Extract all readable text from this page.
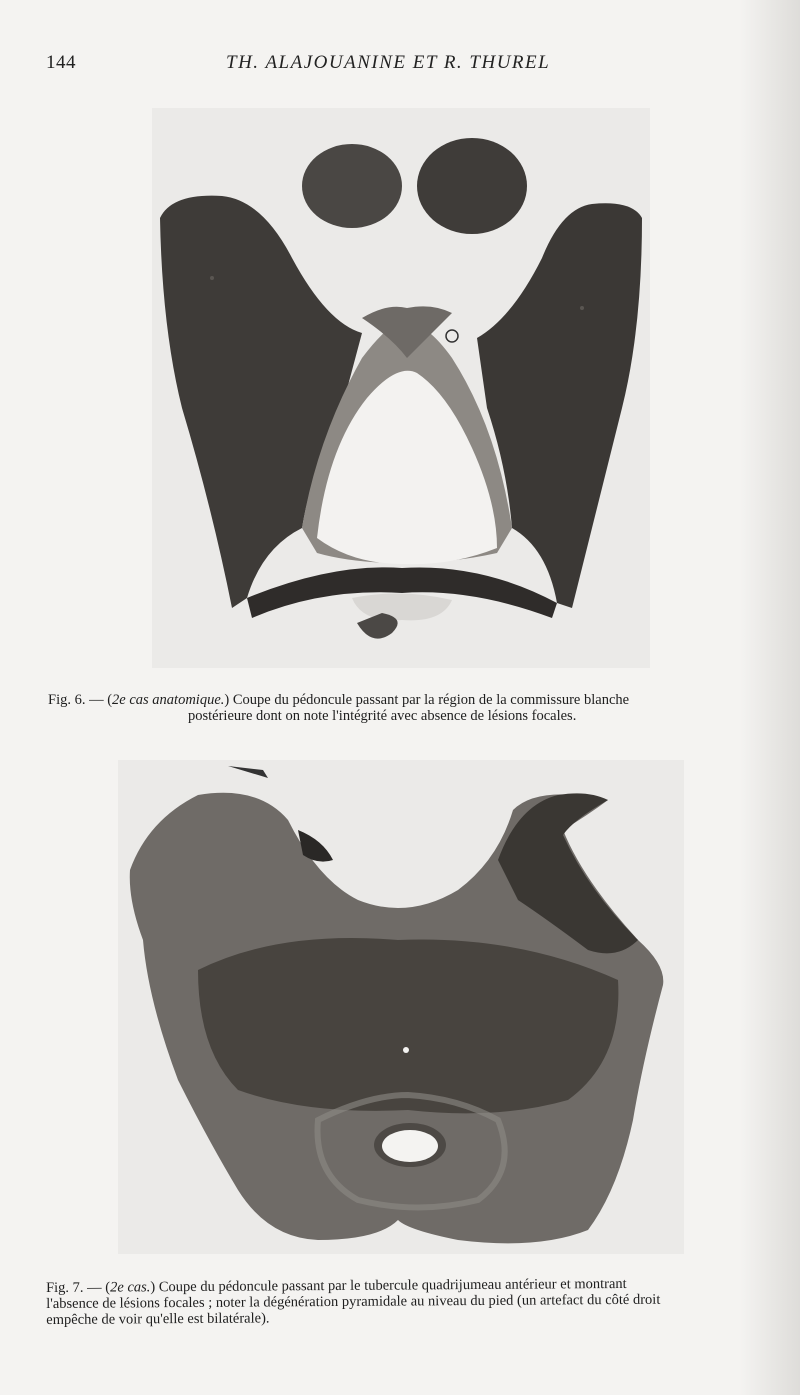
144	TH. ALAJOUANINE ET R. THUREL
Fig. 6. — (2e cas anatomique.) Coupe du pédoncule passant par la région de la commissure blanche
postérieure dont on note l'intégrité avec absence de lésions focales.
Fig. 7. — (2e cas.) Coupe du pédoncule passant par le tubercule quadrijumeau antérieur et montrant
l'absence de lésions focales ; noter la dégénération pyramidale au niveau du pied (un artefact du côté droit
empêche de voir qu'elle est bilatérale).
